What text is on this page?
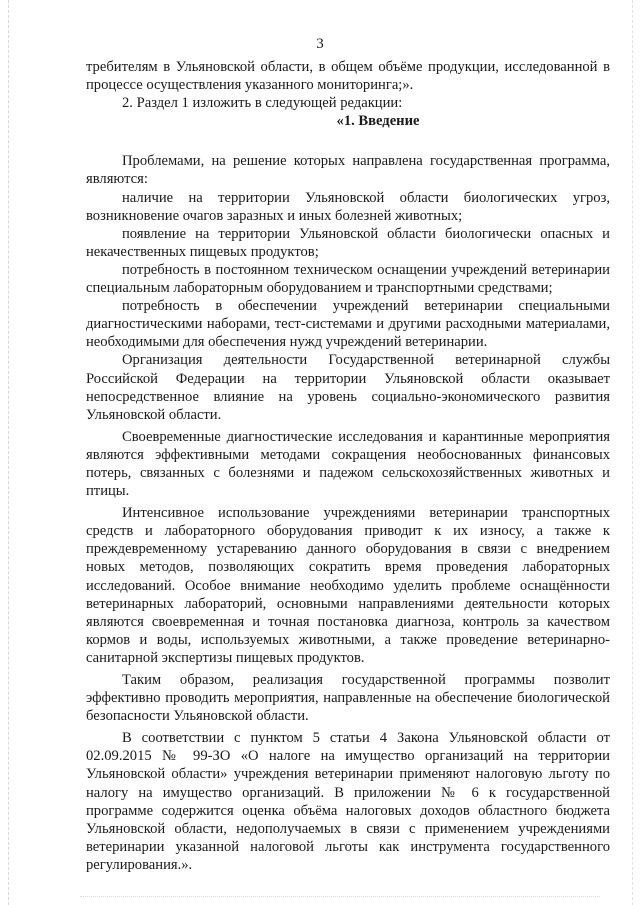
3

требителям в Ульяновской области, в общем объёме продукции, исследованной в процессе осуществления указанного мониторинга;».

2. Раздел 1 изложить в следующей редакции:

«1. Введение

Проблемами, на решение которых направлена государственная программа, являются:

наличие на территории Ульяновской области биологических угроз, возникновение очагов заразных и иных болезней животных;

появление на территории Ульяновской области биологически опасных и некачественных пищевых продуктов;

потребность в постоянном техническом оснащении учреждений ветеринарии специальным лабораторным оборудованием и транспортными средствами;

потребность в обеспечении учреждений ветеринарии специальными диагностическими наборами, тест-системами и другими расходными материалами, необходимыми для обеспечения нужд учреждений ветеринарии.

Организация деятельности Государственной ветеринарной службы Российской Федерации на территории Ульяновской области оказывает непосредственное влияние на уровень социально-экономического развития Ульяновской области.

Своевременные диагностические исследования и карантинные мероприятия являются эффективными методами сокращения необоснованных финансовых потерь, связанных с болезнями и падежом сельскохозяйственных животных и птицы.

Интенсивное использование учреждениями ветеринарии транспортных средств и лабораторного оборудования приводит к их износу, а также к преждевременному устареванию данного оборудования в связи с внедрением новых методов, позволяющих сократить время проведения лабораторных исследований. Особое внимание необходимо уделить проблеме оснащённости ветеринарных лабораторий, основными направлениями деятельности которых являются своевременная и точная постановка диагноза, контроль за качеством кормов и воды, используемых животными, а также проведение ветеринарно-санитарной экспертизы пищевых продуктов.

Таким образом, реализация государственной программы позволит эффективно проводить мероприятия, направленные на обеспечение биологической безопасности Ульяновской области.

В соответствии с пунктом 5 статьи 4 Закона Ульяновской области от 02.09.2015 № 99-ЗО «О налоге на имущество организаций на территории Ульяновской области» учреждения ветеринарии применяют налоговую льготу по налогу на имущество организаций. В приложении № 6 к государственной программе содержится оценка объёма налоговых доходов областного бюджета Ульяновской области, недополучаемых в связи с применением учреждениями ветеринарии указанной налоговой льготы как инструмента государственного регулирования.».
